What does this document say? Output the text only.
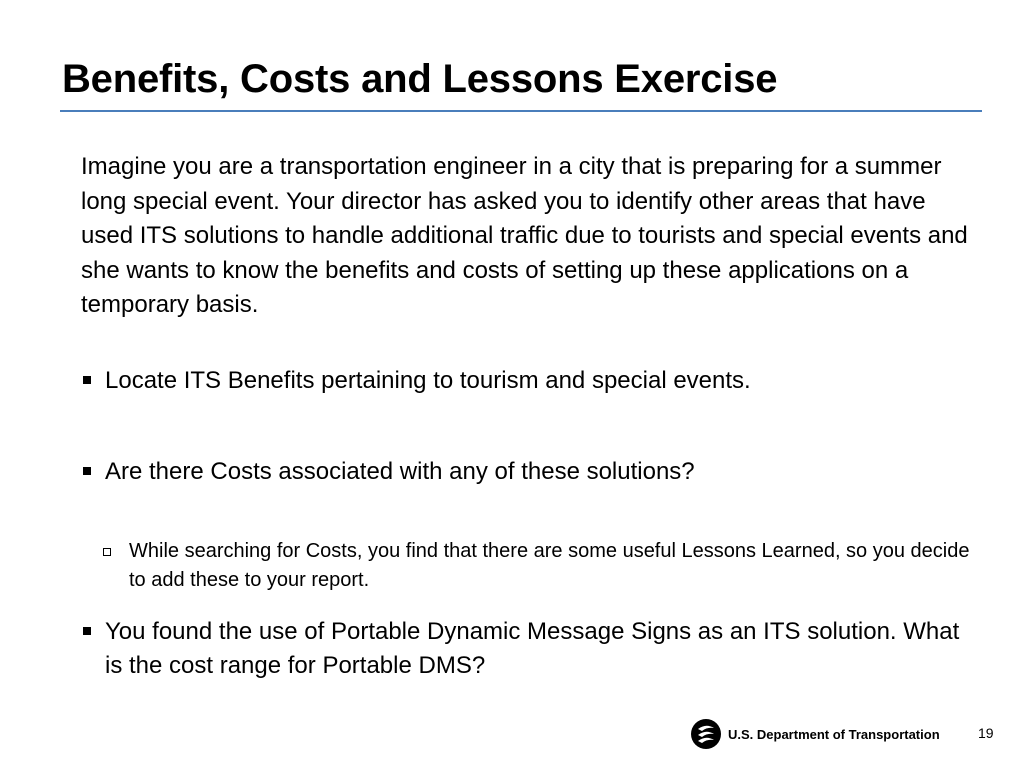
Benefits, Costs and Lessons Exercise

Imagine you are a transportation engineer in a city that is preparing for a summer long special event. Your director has asked you to identify other areas that have used ITS solutions to handle additional traffic due to tourists and special events and she wants to know the benefits and costs of setting up these applications on a temporary basis.

Locate ITS Benefits pertaining to tourism and special events.
Are there Costs associated with any of these solutions?
While searching for Costs, you find that there are some useful Lessons Learned, so you decide to add these to your report.
You found the use of Portable Dynamic Message Signs as an ITS solution. What is the cost range for Portable DMS?
U.S. Department of Transportation	19
